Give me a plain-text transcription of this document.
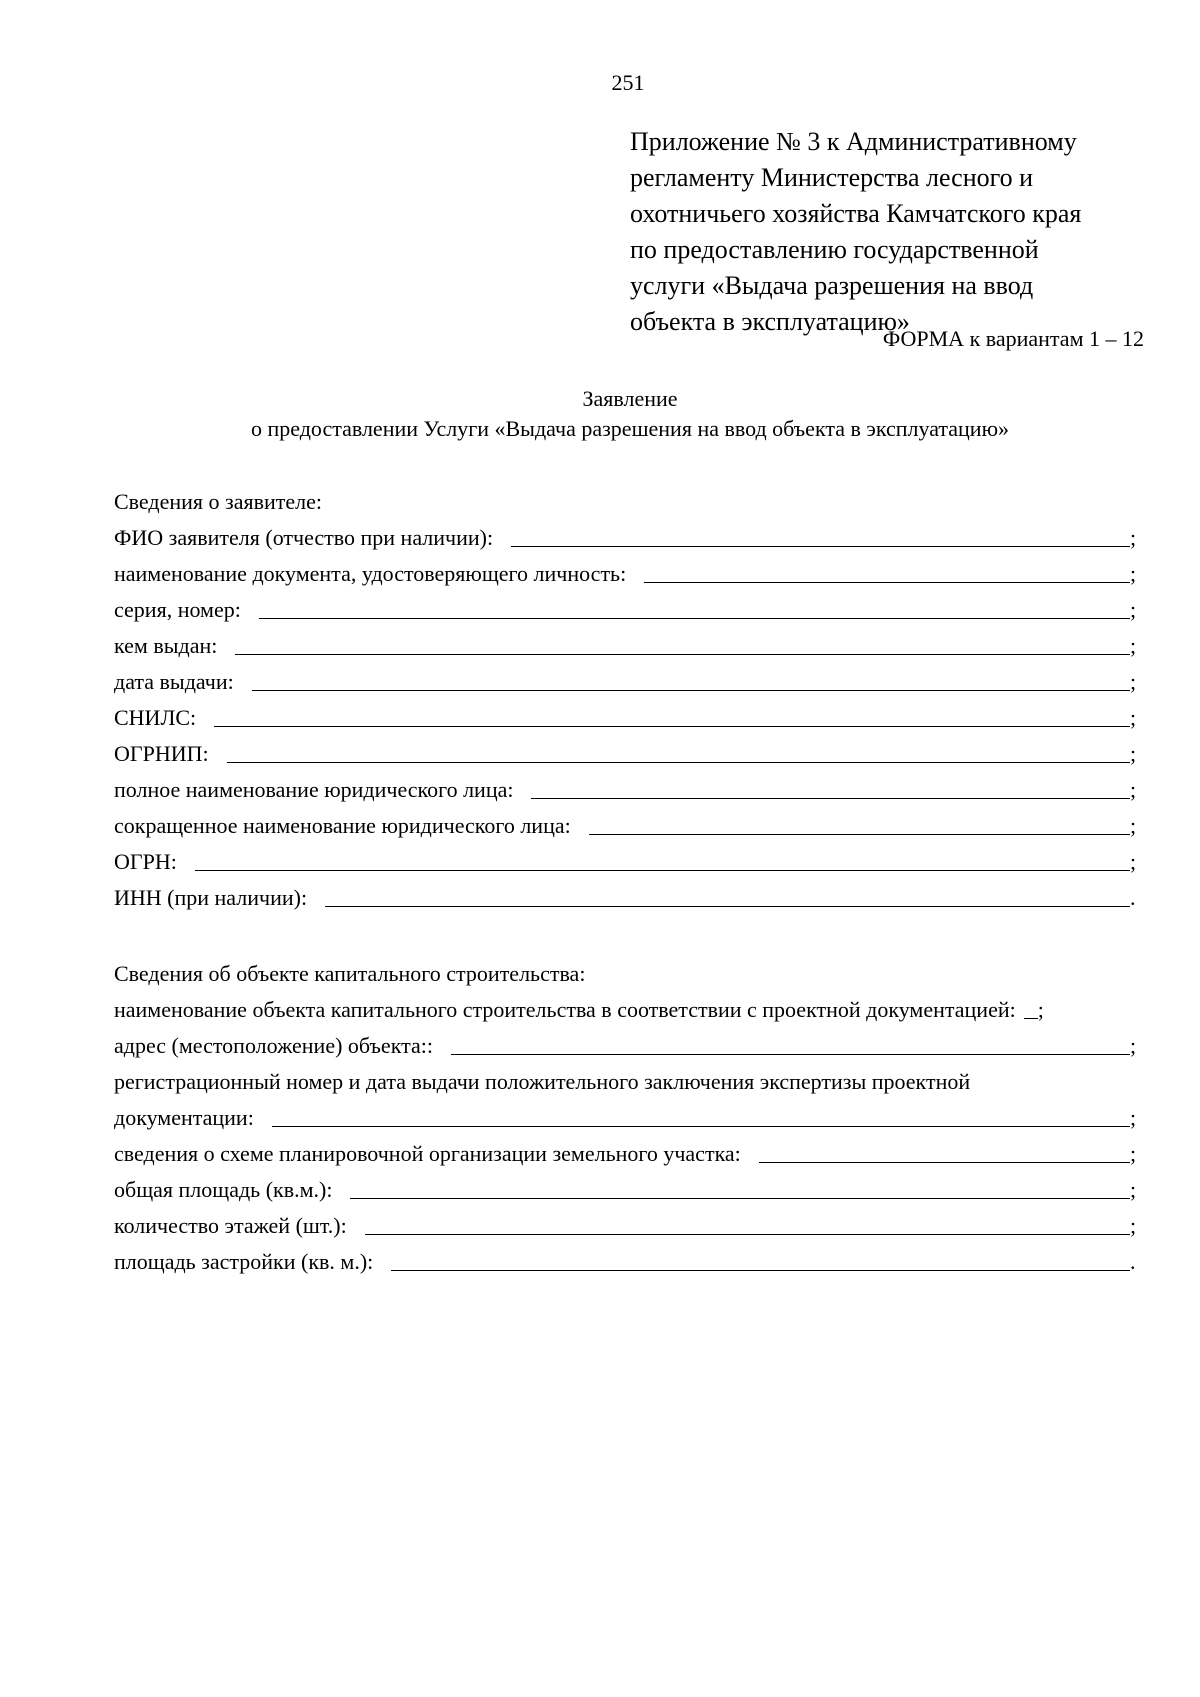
251
Приложение № 3 к Административному
регламенту Министерства лесного и
охотничьего хозяйства Камчатского края
по предоставлению государственной
услуги «Выдача разрешения на ввод
объекта в эксплуатацию»
ФОРМА к вариантам 1 – 12
Заявление
о предоставлении Услуги «Выдача разрешения на ввод объекта в эксплуатацию»
Сведения о заявителе:
ФИО заявителя (отчество при наличии):	;
наименование документа, удостоверяющего личность:	;
серия, номер:	;
кем выдан:	;
дата выдачи:	;
СНИЛС:	;
ОГРНИП:	;
полное наименование юридического лица:	;
сокращенное наименование юридического лица:	;
ОГРН:	;
ИНН (при наличии):	.
Сведения об объекте капитального строительства:
наименование объекта капитального строительства в соответствии с проектной документацией: ;
адрес (местоположение) объекта::	;
регистрационный номер и дата выдачи положительного заключения экспертизы проектной
документации:	;
сведения о схеме планировочной организации земельного участка:	;
общая площадь (кв.м.):	;
количество этажей (шт.):	;
площадь застройки (кв. м.):	.
